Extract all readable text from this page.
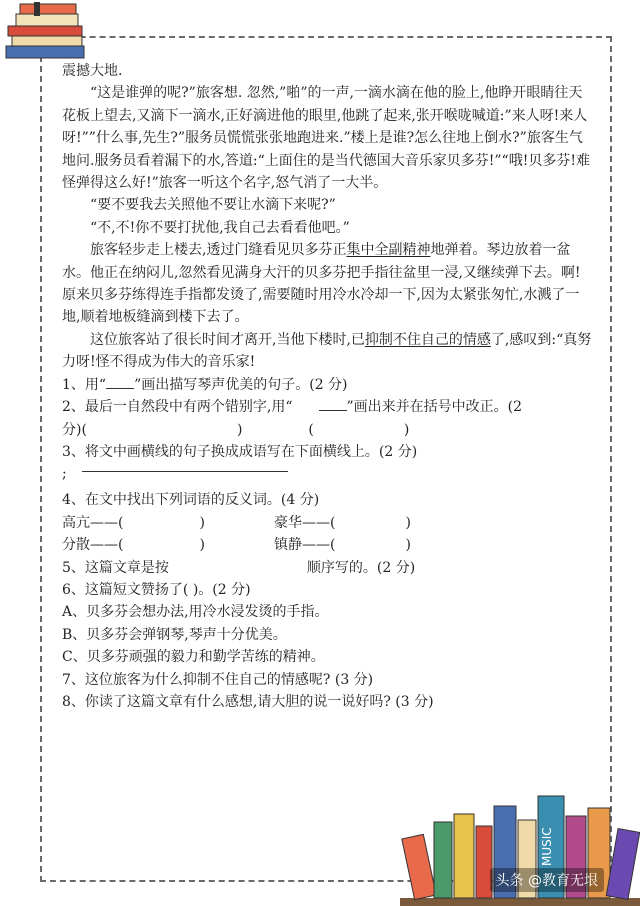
震撼大地.

“这是谁弹的呢?”旅客想. 忽然,”啪”的一声,一滴水滴在他的脸上,他睁开眼睛往天花板上望去,又滴下一滴水,正好滴进他的眼里,他跳了起来,张开喉咙喊道:”来人呀!来人呀!””什么事,先生?”服务员慌慌张张地跑进来.”楼上是谁?怎么往地上倒水?”旅客生气地问.服务员看着漏下的水,答道:“上面住的是当代德国大音乐家贝多芬!”“哦!贝多芬!难怪弹得这么好!”旅客一听这个名字,怒气消了一大半。

“要不要我去关照他不要让水滴下来呢?”

“不,不!你不要打扰他,我自己去看看他吧。”

旅客轻步走上楼去,透过门缝看见贝多芬正集中全副精神地弹着。琴边放着一盆水。他正在纳闷儿,忽然看见满身大汗的贝多芬把手指往盆里一浸,又继续弹下去。啊!原来贝多芬练得连手指都发烫了,需要随时用冷水冷却一下,因为太紧张匆忙,水溅了一地,顺着地板缝滴到楼下去了。

这位旅客站了很长时间才离开,当他下楼时,已抑制不住自己的情感了,感叹到:“真努力呀!怪不得成为伟大的音乐家!

1、用“ ”画出描写琴声优美的句子。(2 分)

2、最后一自然段中有两个错别字,用“	”画出来并在括号中改正。(2

分)(	)	(	)

3、将文中画横线的句子换成成语写在下面横线上。(2 分)

;

4、在文中找出下列词语的反义词。(4 分)

高亢——(	)	豪华——(	)
分散——(	)	镇静——(	)

5、这篇文章是按	顺序写的。(2 分)

6、这篇短文赞扬了( )。(2 分)

A、贝多芬会想办法,用冷水浸发烫的手指。

B、贝多芬会弹钢琴,琴声十分优美。

C、贝多芬顽强的毅力和勤学苦练的精神。

7、这位旅客为什么抑制不住自己的情感呢? (3 分)

8、你读了这篇文章有什么感想,请大胆的说一说好吗? (3 分)

MUSIC
头条 @教育无垠
